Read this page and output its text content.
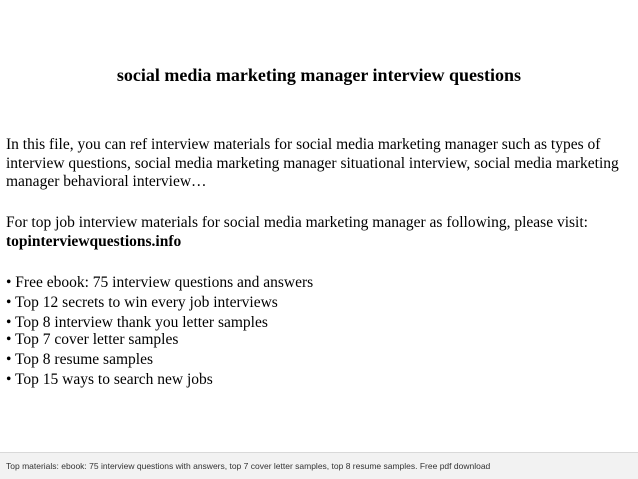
social media marketing manager interview questions
In this file, you can ref interview materials for social media marketing manager such as types of interview questions, social media marketing manager situational interview, social media marketing manager behavioral interview…
For top job interview materials for social media marketing manager as following, please visit: topinterviewquestions.info
• Free ebook: 75 interview questions and answers
• Top 12 secrets to win every job interviews
• Top 8 interview thank you letter samples
• Top 7 cover letter samples
• Top 8 resume samples
• Top 15 ways to search new jobs
Top materials: ebook: 75 interview questions with answers, top 7 cover letter samples, top 8 resume samples. Free pdf download
